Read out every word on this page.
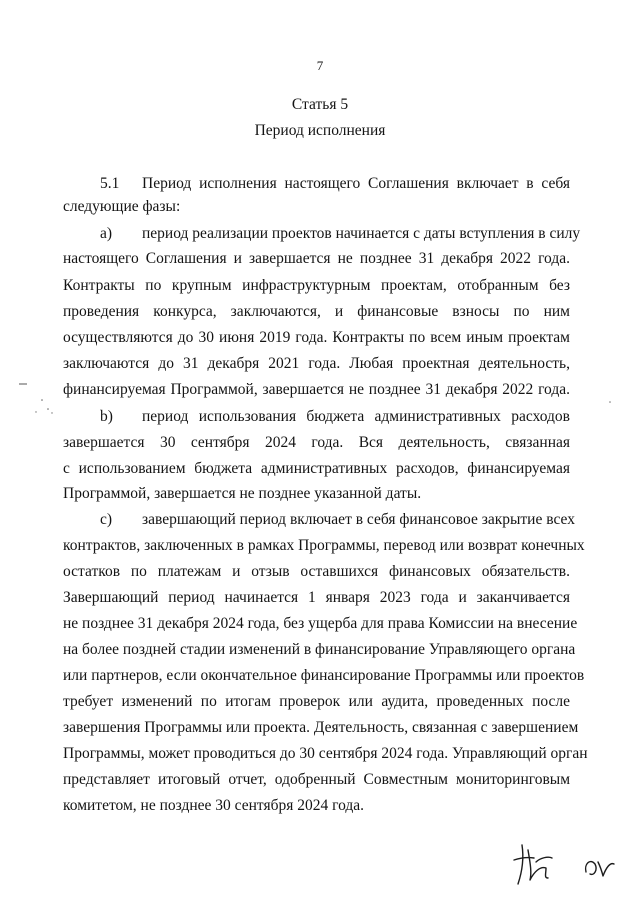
7
Статья 5
Период исполнения
5.1 Период исполнения настоящего Соглашения включает в себя
следующие фазы:
а) период реализации проектов начинается с даты вступления в силу
настоящего Соглашения и завершается не позднее 31 декабря 2022 года.
Контракты по крупным инфраструктурным проектам, отобранным без
проведения конкурса, заключаются, и финансовые взносы по ним
осуществляются до 30 июня 2019 года. Контракты по всем иным проектам
заключаются до 31 декабря 2021 года. Любая проектная деятельность,
финансируемая Программой, завершается не позднее 31 декабря 2022 года.
b) период использования бюджета административных расходов
завершается 30 сентября 2024 года. Вся деятельность, связанная
с использованием бюджета административных расходов, финансируемая
Программой, завершается не позднее указанной даты.
с) завершающий период включает в себя финансовое закрытие всех
контрактов, заключенных в рамках Программы, перевод или возврат конечных
остатков по платежам и отзыв оставшихся финансовых обязательств.
Завершающий период начинается 1 января 2023 года и заканчивается
не позднее 31 декабря 2024 года, без ущерба для права Комиссии на внесение
на более поздней стадии изменений в финансирование Управляющего органа
или партнеров, если окончательное финансирование Программы или проектов
требует изменений по итогам проверок или аудита, проведенных после
завершения Программы или проекта. Деятельность, связанная с завершением
Программы, может проводиться до 30 сентября 2024 года. Управляющий орган
представляет итоговый отчет, одобренный Совместным мониторинговым
комитетом, не позднее 30 сентября 2024 года.
